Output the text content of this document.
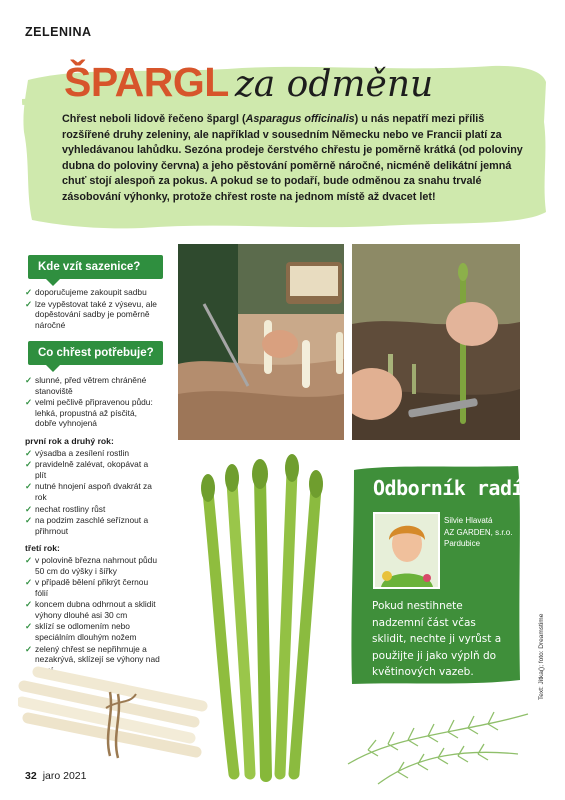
ZELENINA
ŠPARGL za odměnu
Chřest neboli lidově řečeno špargl (Asparagus officinalis) u nás nepatří mezi příliš rozšířené druhy zeleniny, ale například v sousedním Německu nebo ve Francii platí za vyhledávanou lahůdku. Sezóna prodeje čerstvého chřestu je poměrně krátká (od poloviny dubna do poloviny června) a jeho pěstování poměrně náročné, nicméně delikátní jemná chuť stojí alespoň za pokus. A pokud se to podaří, bude odměnou za snahu trvalé zásobování výhonky, protože chřest roste na jednom místě až dvacet let!
Kde vzít sazenice?
✓ doporučujeme zakoupit sadbu
✓ lze vypěstovat také z výsevu, ale dopěstování sadby je poměrně náročné
Co chřest potřebuje?
✓ slunné, před větrem chráněné stanoviště
✓ velmi pečlivě připravenou půdu: lehká, propustná až písčitá, dobře vyhnojená
první rok a druhý rok:
✓ výsadba a zesílení rostlin
✓ pravidelně zalévat, okopávat a plít
✓ nutné hnojení aspoň dvakrát za rok
✓ nechat rostliny růst
✓ na podzim zaschlé seříznout a přihrnout
třetí rok:
✓ v polovině března nahrnout půdu 50 cm do výšky i šířky
✓ v případě bělení přikrýt černou fólií
✓ koncem dubna odhrnout a sklidit výhony dlouhé asi 30 cm
✓ sklízí se odlomením nebo speciálním dlouhým nožem
✓ zelený chřest se nepřihrnuje a nezakrývá, sklízejí se výhony nad
Odborník radí
Silvie Hlavatá
AZ GARDEN, s.r.o.
Pardubice
Pokud nestihnete nadzemní část včas sklidit, nechte ji vyrůst a použijte ji jako výplň do květinových vazeb.	Text: Jitka(); foto: Dreamstime
32 jaro 2021
